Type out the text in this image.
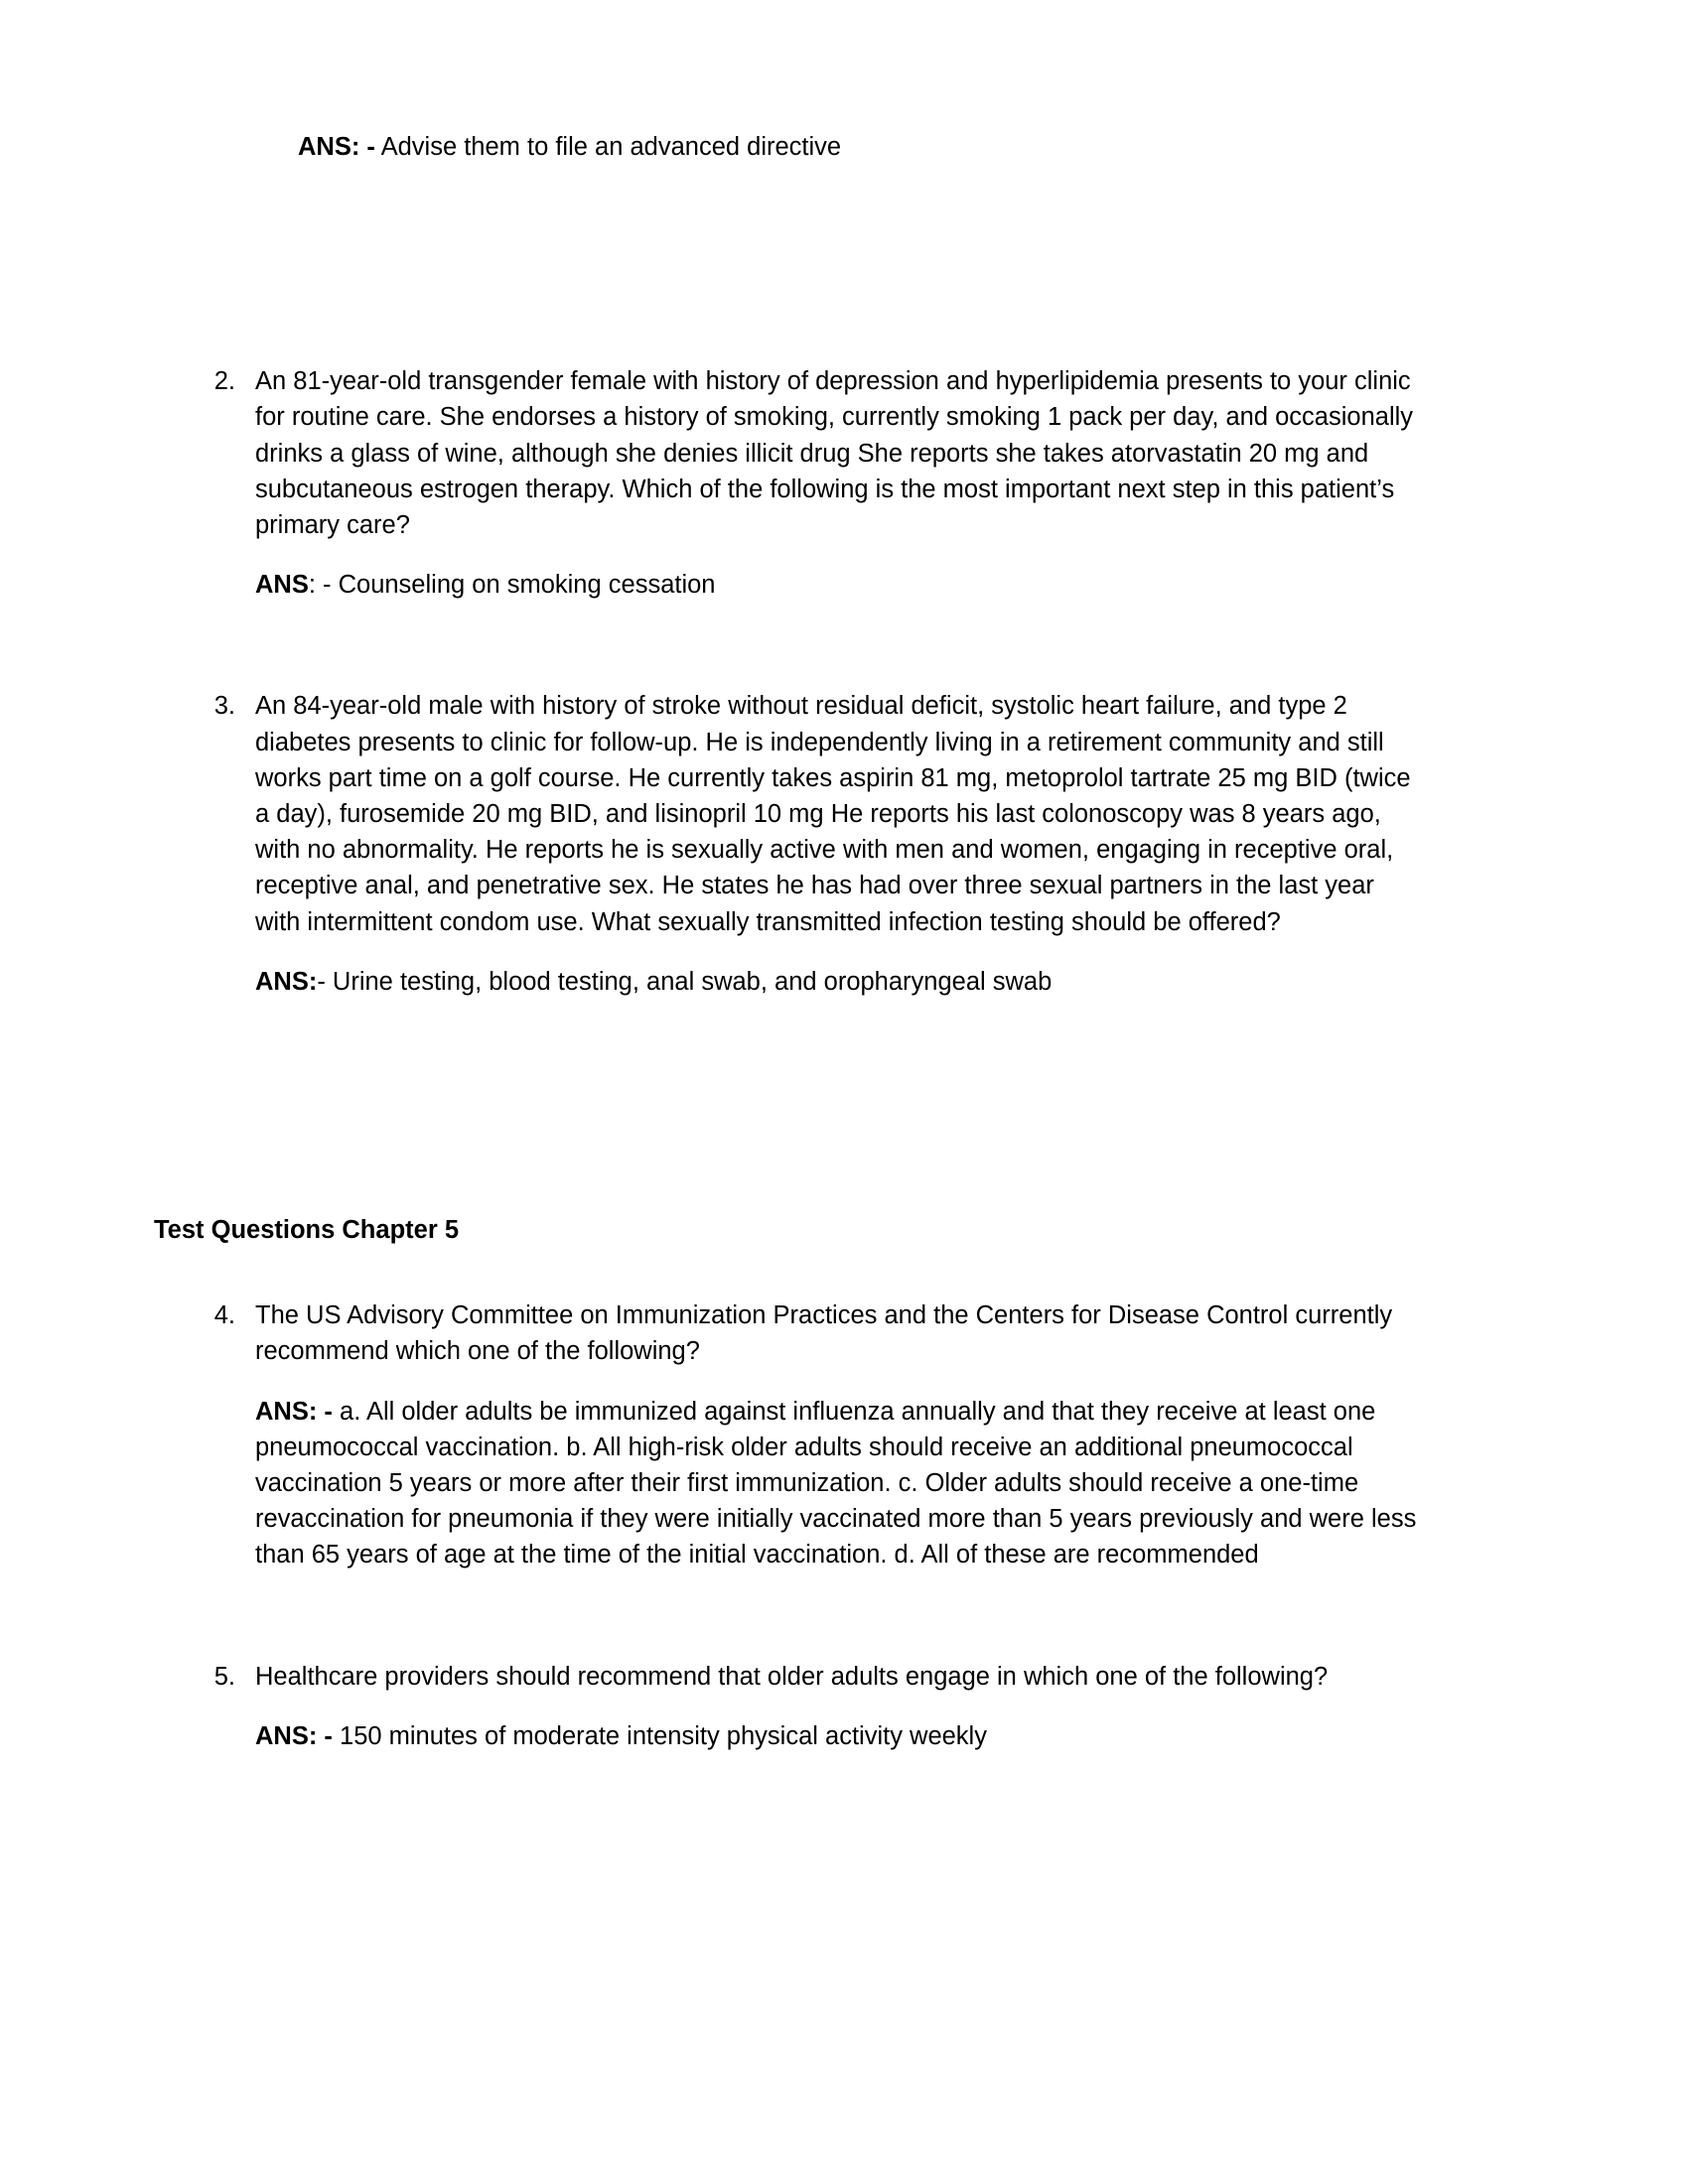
ANS: - Advise them to file an advanced directive

2. An 81-year-old transgender female with history of depression and hyperlipidemia presents to your clinic for routine care. She endorses a history of smoking, currently smoking 1 pack per day, and occasionally drinks a glass of wine, although she denies illicit drug She reports she takes atorvastatin 20 mg and subcutaneous estrogen therapy. Which of the following is the most important next step in this patient’s primary care?
ANS: - Counseling on smoking cessation
3. An 84-year-old male with history of stroke without residual deficit, systolic heart failure, and type 2 diabetes presents to clinic for follow-up. He is independently living in a retirement community and still works part time on a golf course. He currently takes aspirin 81 mg, metoprolol tartrate 25 mg BID (twice a day), furosemide 20 mg BID, and lisinopril 10 mg He reports his last colonoscopy was 8 years ago, with no abnormality. He reports he is sexually active with men and women, engaging in receptive oral, receptive anal, and penetrative sex. He states he has had over three sexual partners in the last year with intermittent condom use. What sexually transmitted infection testing should be offered?
ANS:- Urine testing, blood testing, anal swab, and oropharyngeal swab

Test Questions Chapter 5

4. The US Advisory Committee on Immunization Practices and the Centers for Disease Control currently recommend which one of the following?
ANS: - a. All older adults be immunized against influenza annually and that they receive at least one pneumococcal vaccination. b. All high-risk older adults should receive an additional pneumococcal vaccination 5 years or more after their first immunization. c. Older adults should receive a one-time revaccination for pneumonia if they were initially vaccinated more than 5 years previously and were less than 65 years of age at the time of the initial vaccination. d. All of these are recommended
5. Healthcare providers should recommend that older adults engage in which one of the following?
ANS: - 150 minutes of moderate intensity physical activity weekly
